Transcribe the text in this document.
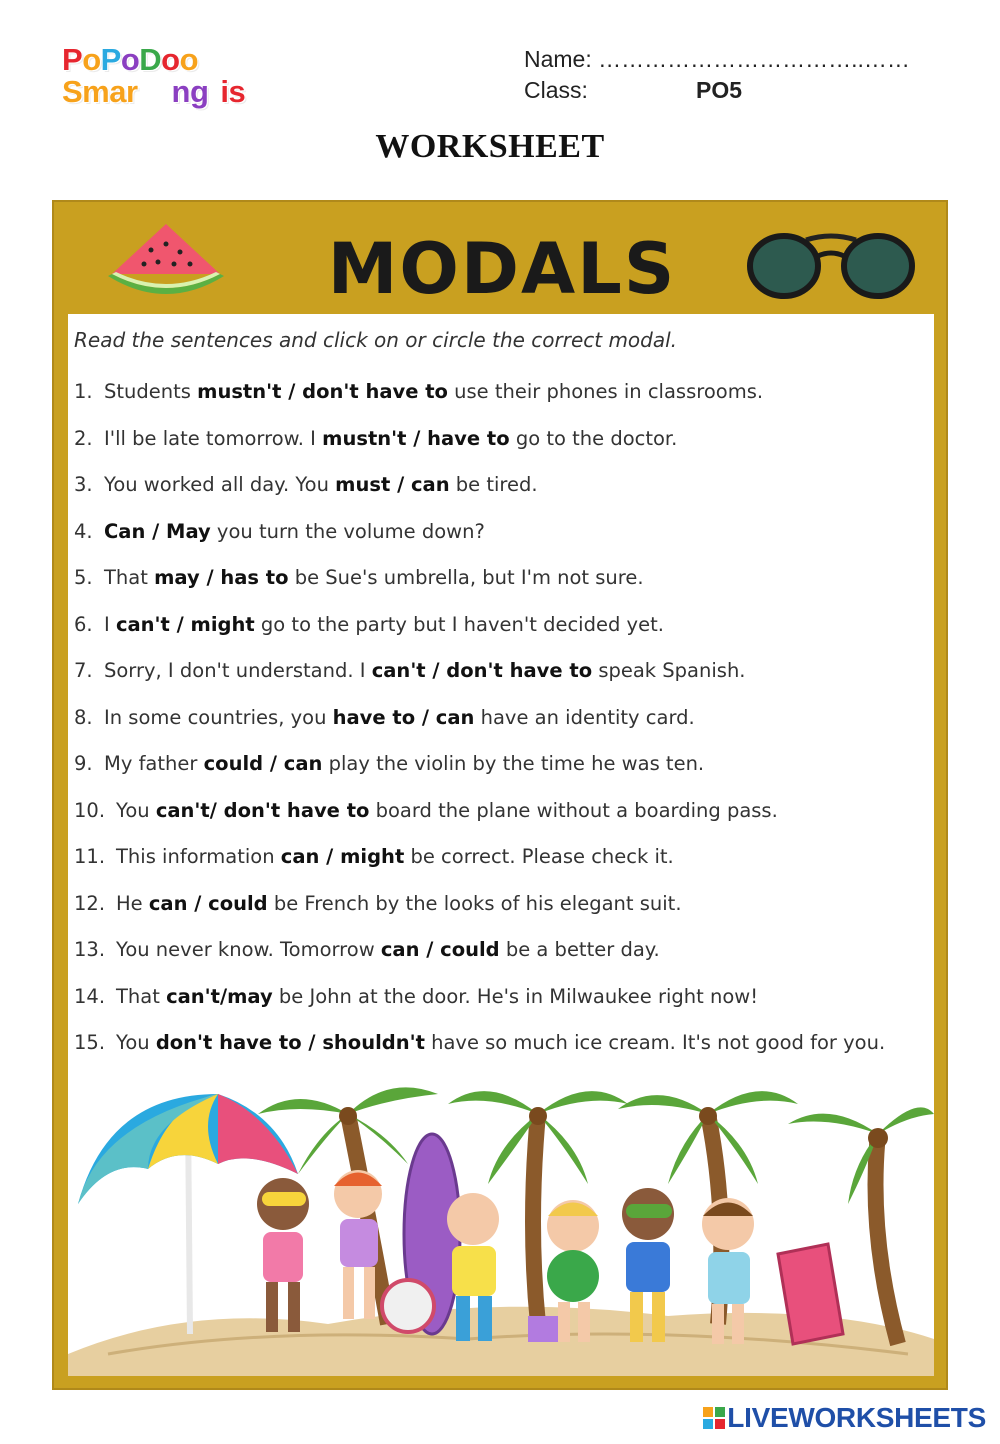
PoPoDoo
Smar ng is
Name: ……………………………..……
Class:	PO5
WORKSHEET
MODALS
Read the sentences and click on or circle the correct modal.
1. Students mustn't / don't have to use their phones in classrooms.
2. I'll be late tomorrow. I mustn't / have to go to the doctor.
3. You worked all day. You must / can be tired.
4. Can / May you turn the volume down?
5. That may / has to be Sue's umbrella, but I'm not sure.
6. I can't / might go to the party but I haven't decided yet.
7. Sorry, I don't understand. I can't / don't have to speak Spanish.
8. In some countries, you have to / can have an identity card.
9. My father could / can play the violin by the time he was ten.
10. You can't/ don't have to board the plane without a boarding pass.
11. This information can / might be correct. Please check it.
12. He can / could be French by the looks of his elegant suit.
13. You never know. Tomorrow can / could be a better day.
14. That can't/may be John at the door. He's in Milwaukee right now!
15. You don't have to / shouldn't have so much ice cream. It's not good for you.
LIVEWORKSHEETS
